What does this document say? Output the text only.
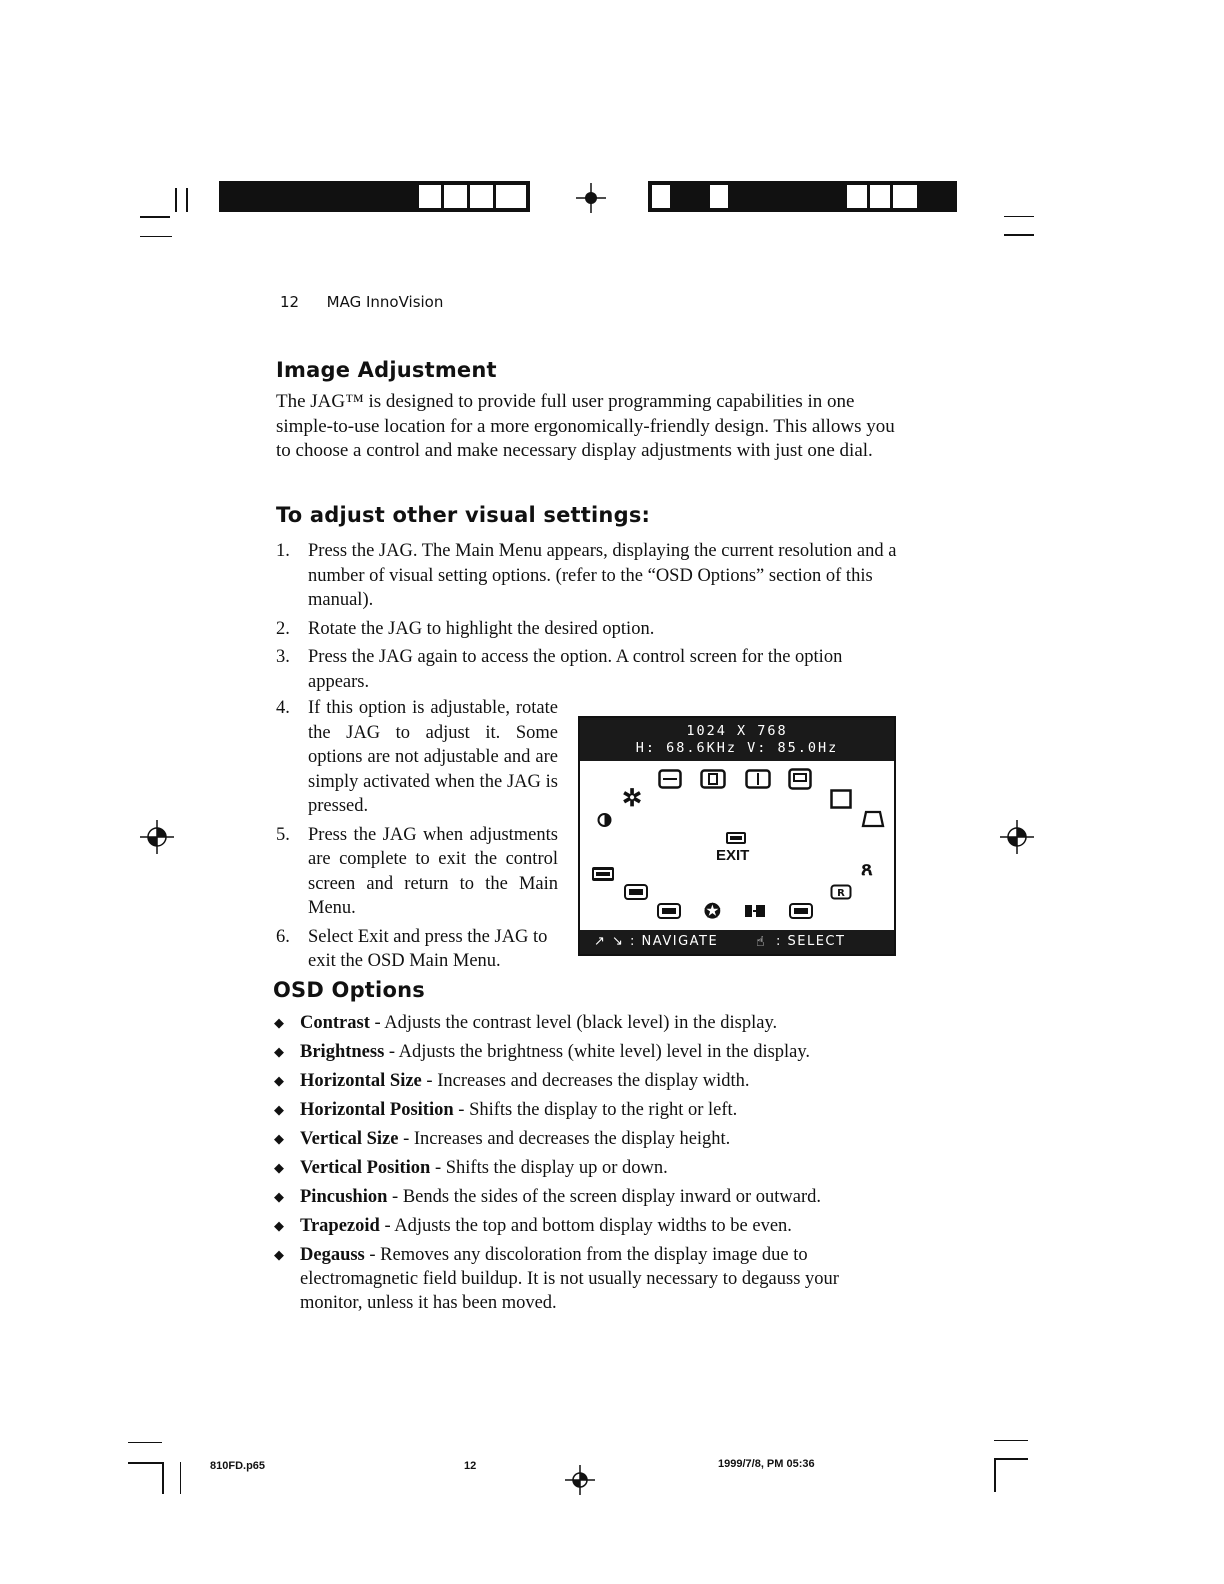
12 MAG InnoVision
Image Adjustment

The JAG™ is designed to provide full user programming capabilities in one simple-to-use location for a more ergonomically-friendly design. This allows you to choose a control and make necessary display adjustments with just one dial.

To adjust other visual settings:
1. Press the JAG. The Main Menu appears, displaying the current resolution and a number of visual setting options. (refer to the “OSD Options” section of this manual).
2. Rotate the JAG to highlight the desired option.
3. Press the JAG again to access the option. A control screen for the option appears.
4. If this option is adjustable, rotate the JAG to adjust it. Some options are not adjustable and are simply activated when the JAG is pressed.
5. Press the JAG when adjustments are complete to exit the control screen and return to the Main Menu.
6. Select Exit and press the JAG to exit the OSD Main Menu.
1024 X 768
H: 68.6KHz V: 85.0Hz
✲
EXIT
ጸ
R
✪
↗ ↘ : NAVIGATE	☝ : SELECT
OSD Options
◆ Contrast - Adjusts the contrast level (black level) in the display.
◆ Brightness - Adjusts the brightness (white level) level in the display.
◆ Horizontal Size - Increases and decreases the display width.
◆ Horizontal Position - Shifts the display to the right or left.
◆ Vertical Size - Increases and decreases the display height.
◆ Vertical Position - Shifts the display up or down.
◆ Pincushion - Bends the sides of the screen display inward or outward.
◆ Trapezoid - Adjusts the top and bottom display widths to be even.
◆ Degauss - Removes any discoloration from the display image due to electromagnetic field buildup. It is not usually necessary to degauss your monitor, unless it has been moved.
810FD.p65	12	1999/7/8, PM 05:36
